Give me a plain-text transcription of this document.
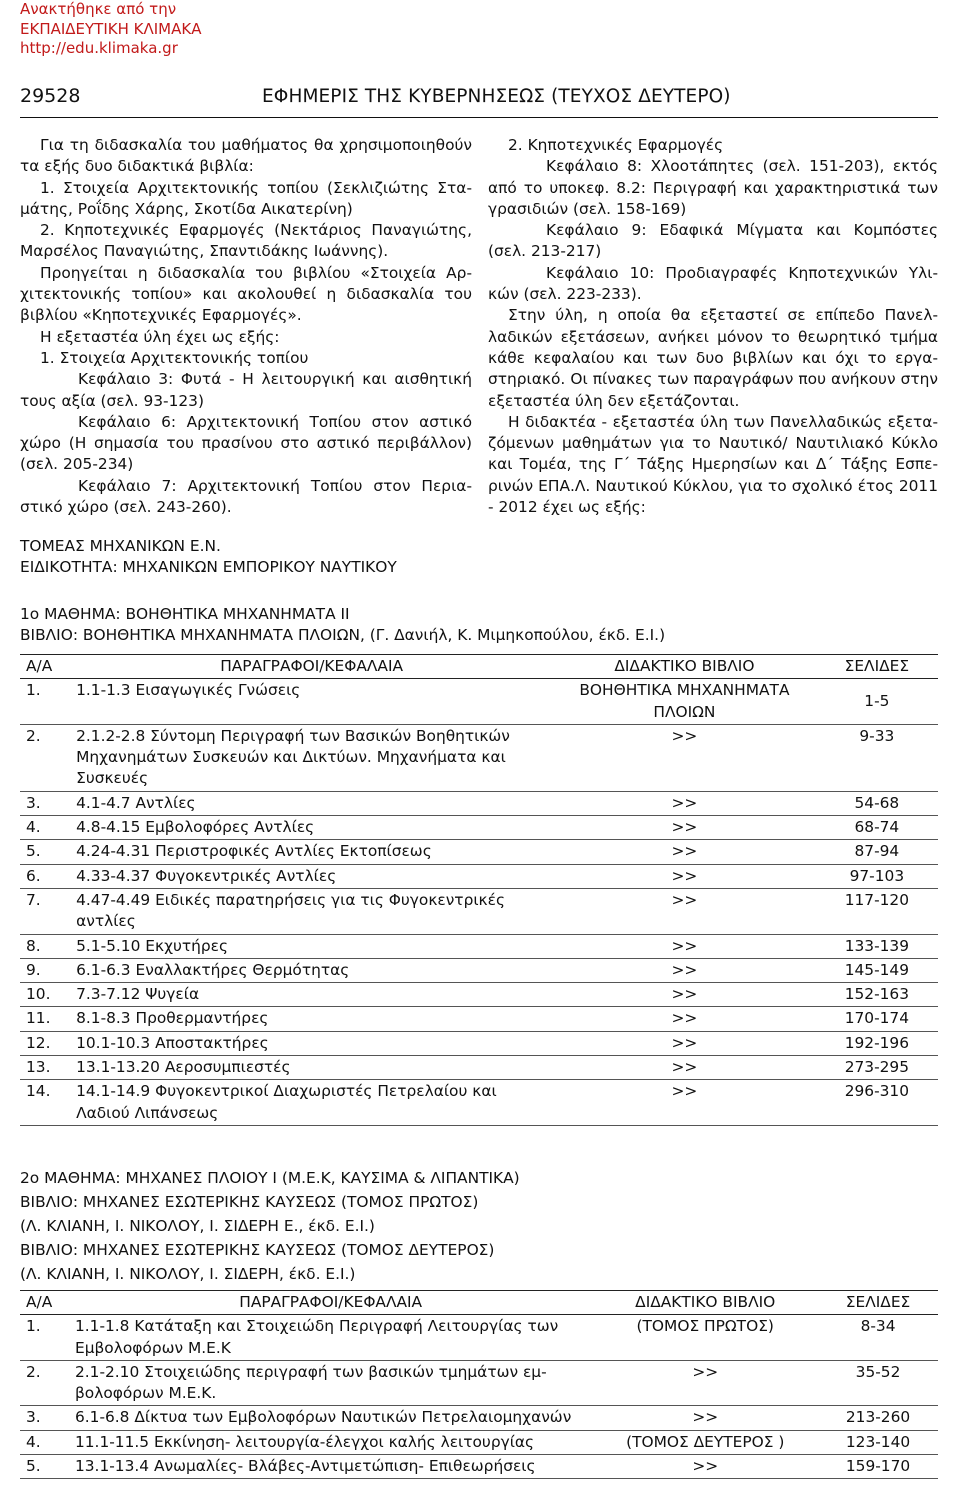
Ανακτήθηκε από την
ΕΚΠΑΙΔΕΥΤΙΚΗ ΚΛΙΜΑΚΑ
http://edu.klimaka.gr
29528	ΕΦΗΜΕΡΙΣ ΤΗΣ ΚΥΒΕΡΝΗΣΕΩΣ (ΤΕΥΧΟΣ ΔΕΥΤΕΡΟ)

Για τη διδασκαλία του μαθήματος θα χρησιμοποιηθούν τα εξής δυο διδακτικά βιβλία:

1. Στοιχεία Αρχιτεκτονικής τοπίου (Σεκλιζιώτης Σταμάτης, Ροΐδης Χάρης, Σκοτίδα Αικατερίνη)

2. Κηποτεχνικές Εφαρμογές (Νεκτάριος Παναγιώτης, Μαρσέλος Παναγιώτης, Σπαντιδάκης Ιωάννης).

Προηγείται η διδασκαλία του βιβλίου «Στοιχεία Αρχιτεκτονικής τοπίου» και ακολουθεί η διδασκαλία του βιβλίου «Κηποτεχνικές Εφαρμογές».

Η εξεταστέα ύλη έχει ως εξής:

1. Στοιχεία Αρχιτεκτονικής τοπίου

Κεφάλαιο 3: Φυτά - Η λειτουργική και αισθητική τους αξία (σελ. 93-123)

Κεφάλαιο 6: Αρχιτεκτονική Τοπίου στον αστικό χώρο (Η σημασία του πρασίνου στο αστικό περιβάλλον) (σελ. 205-234)

Κεφάλαιο 7: Αρχιτεκτονική Τοπίου στον Περιαστικό χώρο (σελ. 243-260).

2. Κηποτεχνικές Εφαρμογές

Κεφάλαιο 8: Χλοοτάπητες (σελ. 151-203), εκτός από το υποκεφ. 8.2: Περιγραφή και χαρακτηριστικά των γρασιδιών (σελ. 158-169)

Κεφάλαιο 9: Εδαφικά Μίγματα και Κομπόστες (σελ. 213-217)

Κεφάλαιο 10: Προδιαγραφές Κηποτεχνικών Υλικών (σελ. 223-233).

Στην ύλη, η οποία θα εξεταστεί σε επίπεδο Πανελλαδικών εξετάσεων, ανήκει μόνον το θεωρητικό τμήμα κάθε κεφαλαίου και των δυο βιβλίων και όχι το εργαστηριακό. Οι πίνακες των παραγράφων που ανήκουν στην εξεταστέα ύλη δεν εξετάζονται.

Η διδακτέα - εξεταστέα ύλη των Πανελλαδικώς εξεταζόμενων μαθημάτων για το Ναυτικό/ Ναυτιλιακό Κύκλο και Τομέα, της Γ΄ Τάξης Ημερησίων και Δ΄ Τάξης Εσπερινών ΕΠΑ.Λ. Ναυτικού Κύκλου, για το σχολικό έτος 2011 - 2012 έχει ως εξής:

ΤΟΜΕΑΣ ΜΗΧΑΝΙΚΩΝ Ε.Ν.
ΕΙΔΙΚΟΤΗΤΑ: ΜΗΧΑΝΙΚΩΝ ΕΜΠΟΡΙΚΟΥ ΝΑΥΤΙΚΟΥ
1ο ΜΑΘΗΜΑ: ΒΟΗΘΗΤΙΚΑ ΜΗΧΑΝΗΜΑΤΑ ΙΙ
ΒΙΒΛΙΟ: ΒΟΗΘΗΤΙΚΑ ΜΗΧΑΝΗΜΑΤΑ ΠΛΟΙΩΝ, (Γ. Δανιήλ, Κ. Μιμηκοπούλου, έκδ. Ε.Ι.)
Α/Α	ΠΑΡΑΓΡΑΦΟΙ/ΚΕΦΑΛΑΙΑ	ΔΙΔΑΚΤΙΚΟ ΒΙΒΛΙΟ	ΣΕΛΙΔΕΣ
1.	1.1-1.3 Εισαγωγικές Γνώσεις	ΒΟΗΘΗΤΙΚΑ ΜΗΧΑΝΗΜΑΤΑ ΠΛΟΙΩΝ	1-5
2.	2.1.2-2.8 Σύντομη Περιγραφή των Βασικών Βοηθητικών Μηχανημάτων Συσκευών και Δικτύων. Μηχανήματα και Συσκευές	>>	9-33
3.	4.1-4.7 Αντλίες	>>	54-68
4.	4.8-4.15 Εμβολοφόρες Αντλίες	>>	68-74
5.	4.24-4.31 Περιστροφικές Αντλίες Εκτοπίσεως	>>	87-94
6.	4.33-4.37 Φυγοκεντρικές Αντλίες	>>	97-103
7.	4.47-4.49 Ειδικές παρατηρήσεις για τις Φυγοκεντρικές αντλίες	>>	117-120
8.	5.1-5.10 Εκχυτήρες	>>	133-139
9.	6.1-6.3 Εναλλακτήρες Θερμότητας	>>	145-149
10.	7.3-7.12 Ψυγεία	>>	152-163
11.	8.1-8.3 Προθερμαντήρες	>>	170-174
12.	10.1-10.3 Αποστακτήρες	>>	192-196
13.	13.1-13.20 Αεροσυμπιεστές	>>	273-295
14.	14.1-14.9 Φυγοκεντρικοί Διαχωριστές Πετρελαίου και Λαδιού Λιπάνσεως	>>	296-310
2ο ΜΑΘΗΜΑ: ΜΗΧΑΝΕΣ ΠΛΟΙΟΥ Ι (Μ.Ε.Κ, ΚΑΥΣΙΜΑ & ΛΙΠΑΝΤΙΚΑ)
ΒΙΒΛΙΟ: ΜΗΧΑΝΕΣ ΕΣΩΤΕΡΙΚΗΣ ΚΑΥΣΕΩΣ (ΤΟΜΟΣ ΠΡΩΤΟΣ)
(Λ. ΚΛΙΑΝΗ, Ι. ΝΙΚΟΛΟΥ, Ι. ΣΙΔΕΡΗ Ε., έκδ. Ε.Ι.)
ΒΙΒΛΙΟ: ΜΗΧΑΝΕΣ ΕΣΩΤΕΡΙΚΗΣ ΚΑΥΣΕΩΣ (ΤΟΜΟΣ ΔΕΥΤΕΡΟΣ)
(Λ. ΚΛΙΑΝΗ, Ι. ΝΙΚΟΛΟΥ, Ι. ΣΙΔΕΡΗ, έκδ. Ε.Ι.)
Α/Α	ΠΑΡΑΓΡΑΦΟΙ/ΚΕΦΑΛΑΙΑ	ΔΙΔΑΚΤΙΚΟ ΒΙΒΛΙΟ	ΣΕΛΙΔΕΣ
1.	1.1-1.8 Κατάταξη και Στοιχειώδη Περιγραφή Λειτουργίας των Εμβολοφόρων Μ.Ε.Κ	(ΤΟΜΟΣ ΠΡΩΤΟΣ)	8-34
2.	2.1-2.10 Στοιχειώδης περιγραφή των βασικών τμημάτων εμβολοφόρων Μ.Ε.Κ.	>>	35-52
3.	6.1-6.8 Δίκτυα των Εμβολοφόρων Ναυτικών Πετρελαιομηχανών	>>	213-260
4.	11.1-11.5 Εκκίνηση- λειτουργία-έλεγχοι καλής λειτουργίας	(ΤΟΜΟΣ ΔΕΥΤΕΡΟΣ )	123-140
5.	13.1-13.4 Ανωμαλίες- Βλάβες-Αντιμετώπιση- Επιθεωρήσεις	>>	159-170
